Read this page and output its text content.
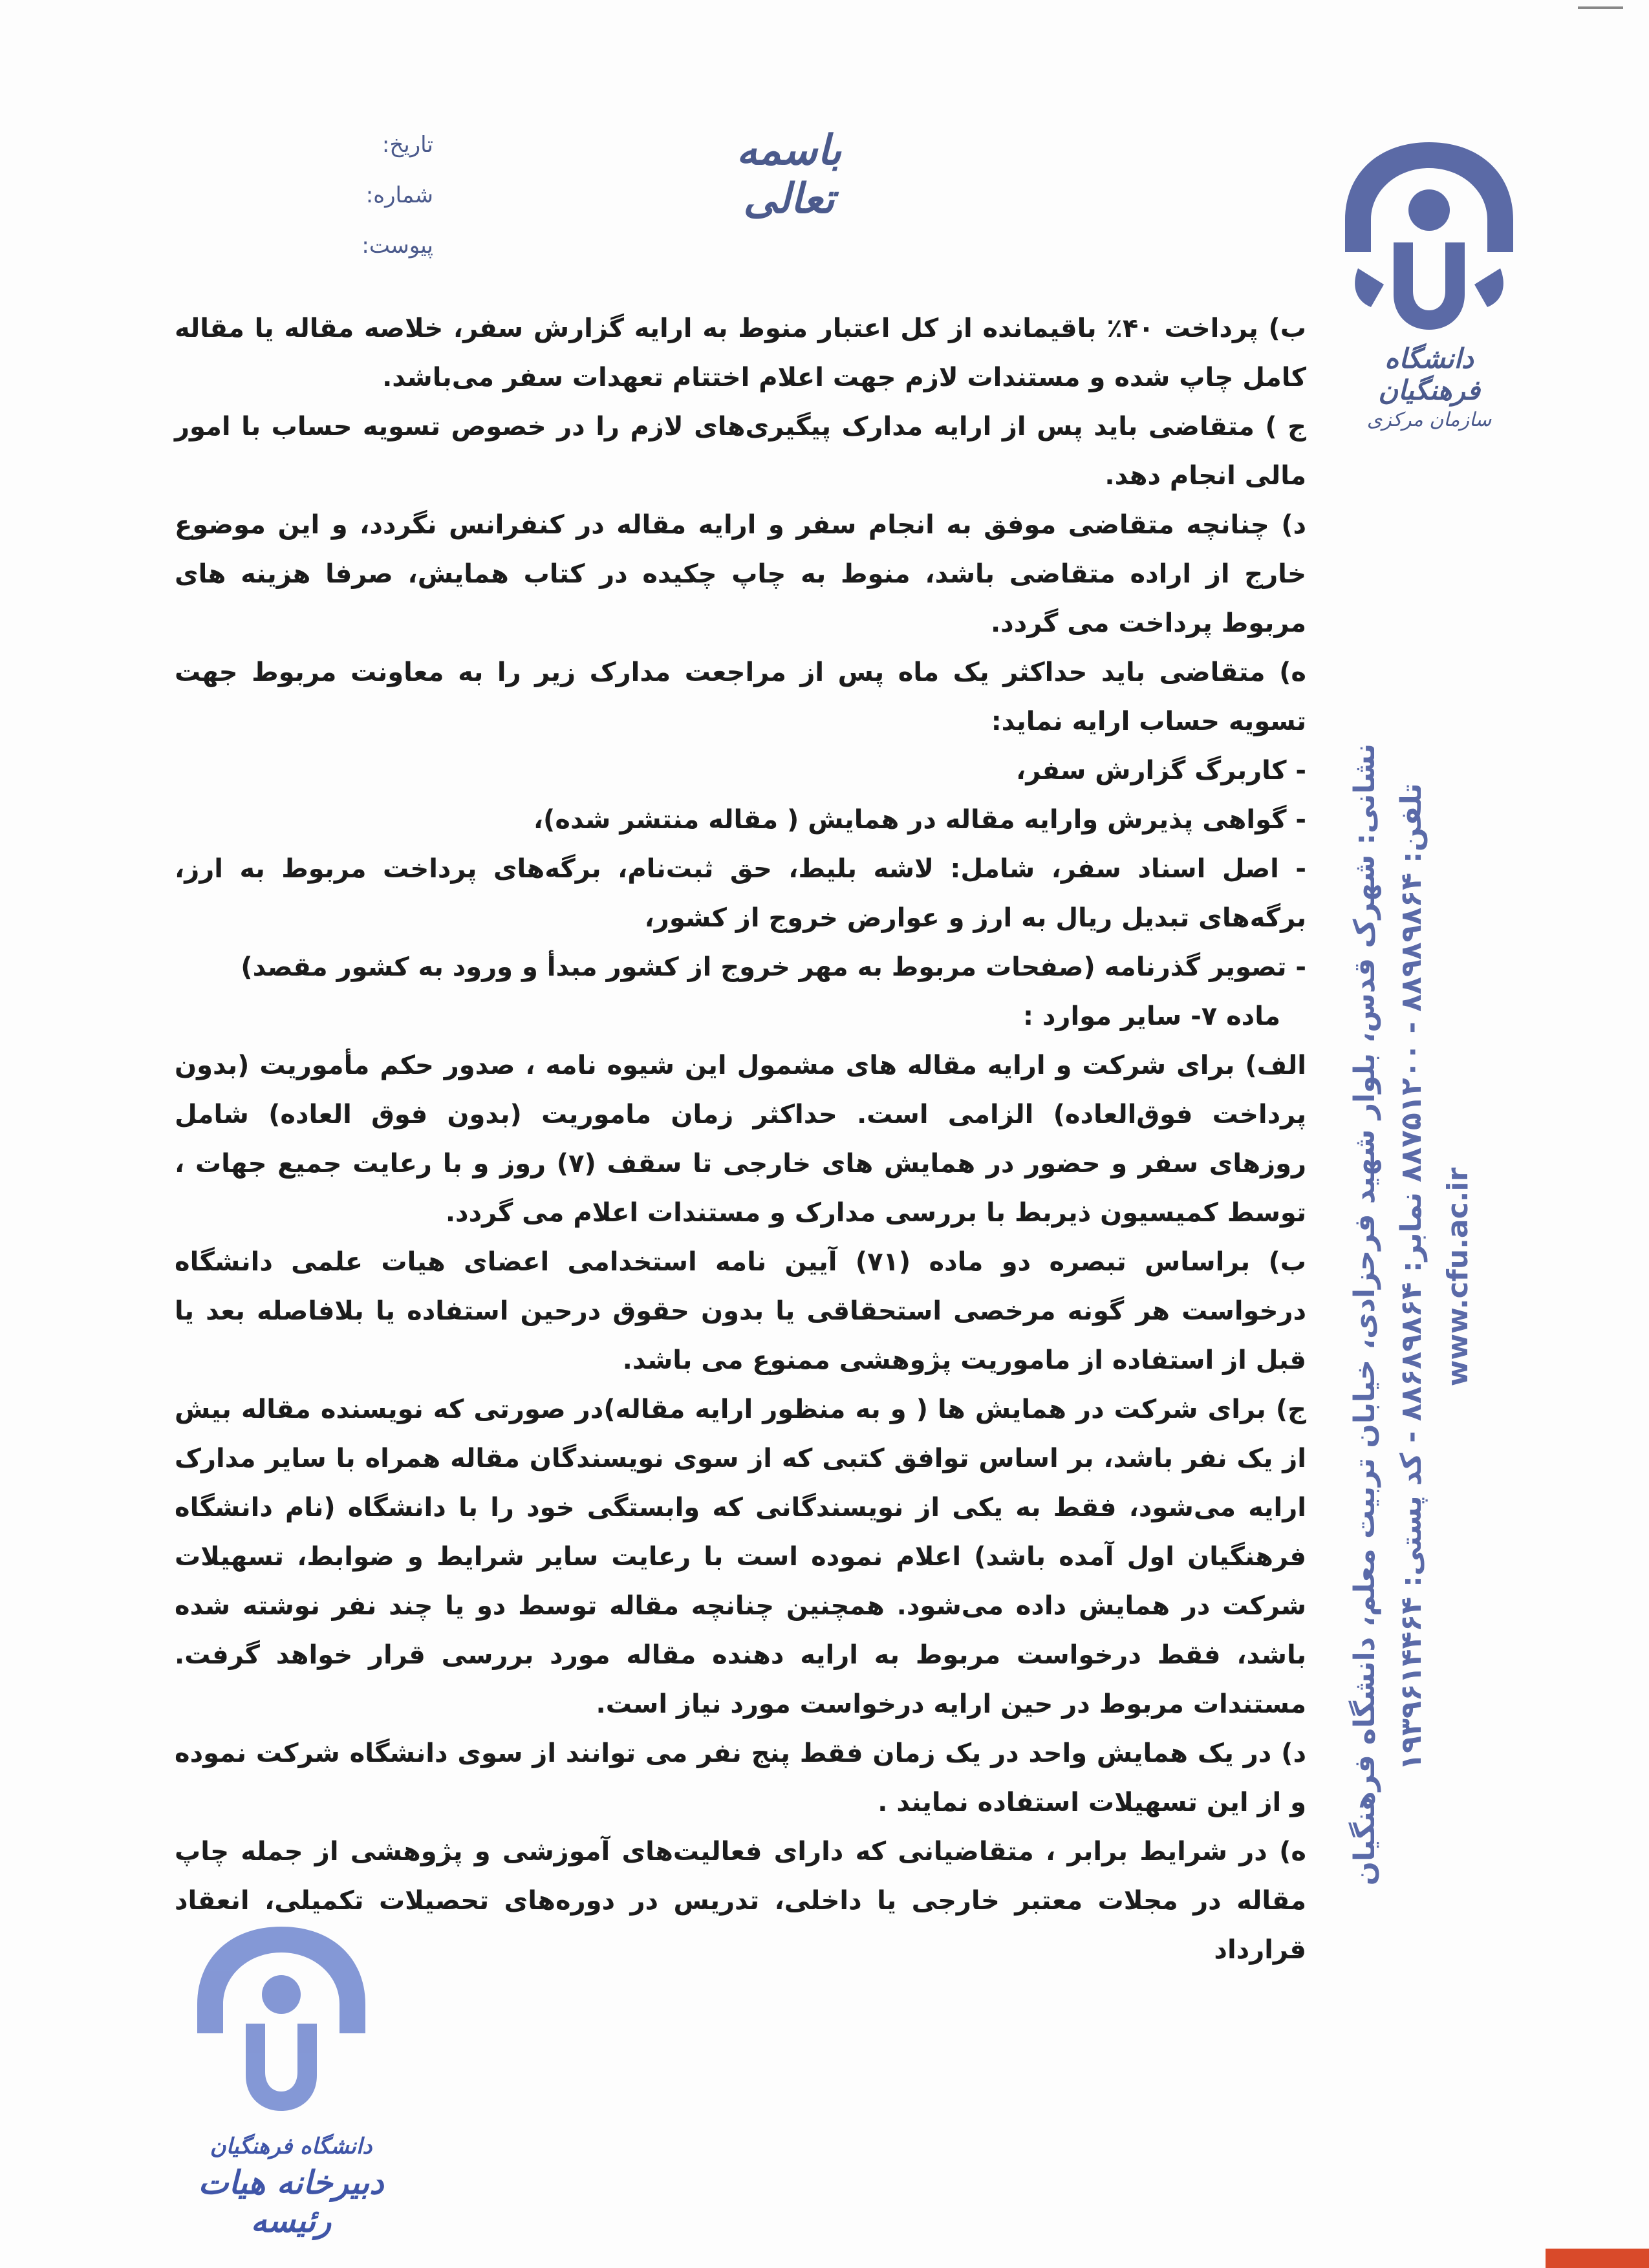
باسمه تعالی
تاریخ:
شماره:
پیوست:
دانشگاه فرهنگیان
سازمان مرکزی
نشانی: شهرک قدس، بلوار شهید فرحزادی، خیابان تربیت معلم، دانشگاه فرهنگیان تلفن: ۸۸۹۸۹۸۶۴ - ۸۸۷۵۱۲۰۰ نمابر: ۸۸۶۸۹۸۶۴ - کد پستی: ۱۹۳۹۶۱۴۴۶۴
www.cfu.ac.ir

ب) پرداخت ۴۰٪ باقیمانده از کل اعتبار منوط به ارایه گزارش سفر، خلاصه مقاله یا مقاله کامل چاپ شده و مستندات لازم جهت اعلام اختتام تعهدات سفر می‌باشد.

ج ) متقاضی باید پس از ارایه مدارک پیگیری‌های لازم را در خصوص تسویه حساب با امور مالی انجام دهد.

د) چنانچه متقاضی موفق به انجام سفر و ارایه مقاله در کنفرانس نگردد، و این موضوع خارج از اراده متقاضی باشد، منوط به چاپ چکیده در کتاب همایش، صرفا هزینه های مربوط پرداخت می گردد.

ه) متقاضی باید حداکثر یک ماه پس از مراجعت مدارک زیر را به معاونت مربوط جهت تسویه حساب ارایه نماید:

- کاربرگ گزارش سفر،

- گواهی پذیرش وارایه مقاله در همایش ( مقاله منتشر شده)،

- اصل اسناد سفر، شامل: لاشه بلیط، حق ثبت‌نام، برگه‌های پرداخت مربوط به ارز، برگه‌های تبدیل ریال به ارز و عوارض خروج از کشور،

- تصویر گذرنامه (صفحات مربوط به مهر خروج از کشور مبدأ و ورود به کشور مقصد)

ماده ۷- سایر موارد :

الف) برای شرکت و ارایه مقاله های مشمول این شیوه نامه ، صدور حکم مأموریت (بدون پرداخت فوق‌العاده) الزامی است. حداکثر زمان ماموریت (بدون فوق العاده) شامل روزهای سفر و حضور در همایش های خارجی تا سقف (۷) روز و با رعایت جمیع جهات ، توسط کمیسیون ذیربط با بررسی مدارک و مستندات اعلام می گردد.

ب) براساس تبصره دو ماده (۷۱) آیین نامه استخدامی اعضای هیات علمی دانشگاه درخواست هر گونه مرخصی استحقاقی یا بدون حقوق درحین استفاده یا بلافاصله بعد یا قبل از استفاده از ماموریت پژوهشی ممنوع می باشد.

ج) برای شرکت در همایش ها ( و به منظور ارایه مقاله)در صورتی که نویسنده مقاله بیش از یک نفر باشد، بر اساس توافق کتبی که از سوی نویسندگان مقاله همراه با سایر مدارک ارایه می‌شود، فقط به یکی از نویسندگانی که وابستگی خود را با دانشگاه (نام دانشگاه فرهنگیان اول آمده باشد) اعلام نموده است با رعایت سایر شرایط و ضوابط، تسهیلات شرکت در همایش داده می‌شود. همچنین چنانچه مقاله توسط دو یا چند نفر نوشته شده باشد، فقط درخواست مربوط به ارایه دهنده مقاله مورد بررسی قرار خواهد گرفت. مستندات مربوط در حین ارایه درخواست مورد نیاز است.

د) در یک همایش واحد در یک زمان فقط پنج نفر می توانند از سوی دانشگاه شرکت نموده و از این تسهیلات استفاده نمایند .

ه) در شرایط برابر ، متقاضیانی که دارای فعالیت‌های آموزشی و پژوهشی از جمله چاپ مقاله در مجلات معتبر خارجی یا داخلی، تدریس در دوره‌های تحصیلات تکمیلی، انعقاد قرارداد

دانشگاه فرهنگیان
دبیرخانه هیات رئیسه
